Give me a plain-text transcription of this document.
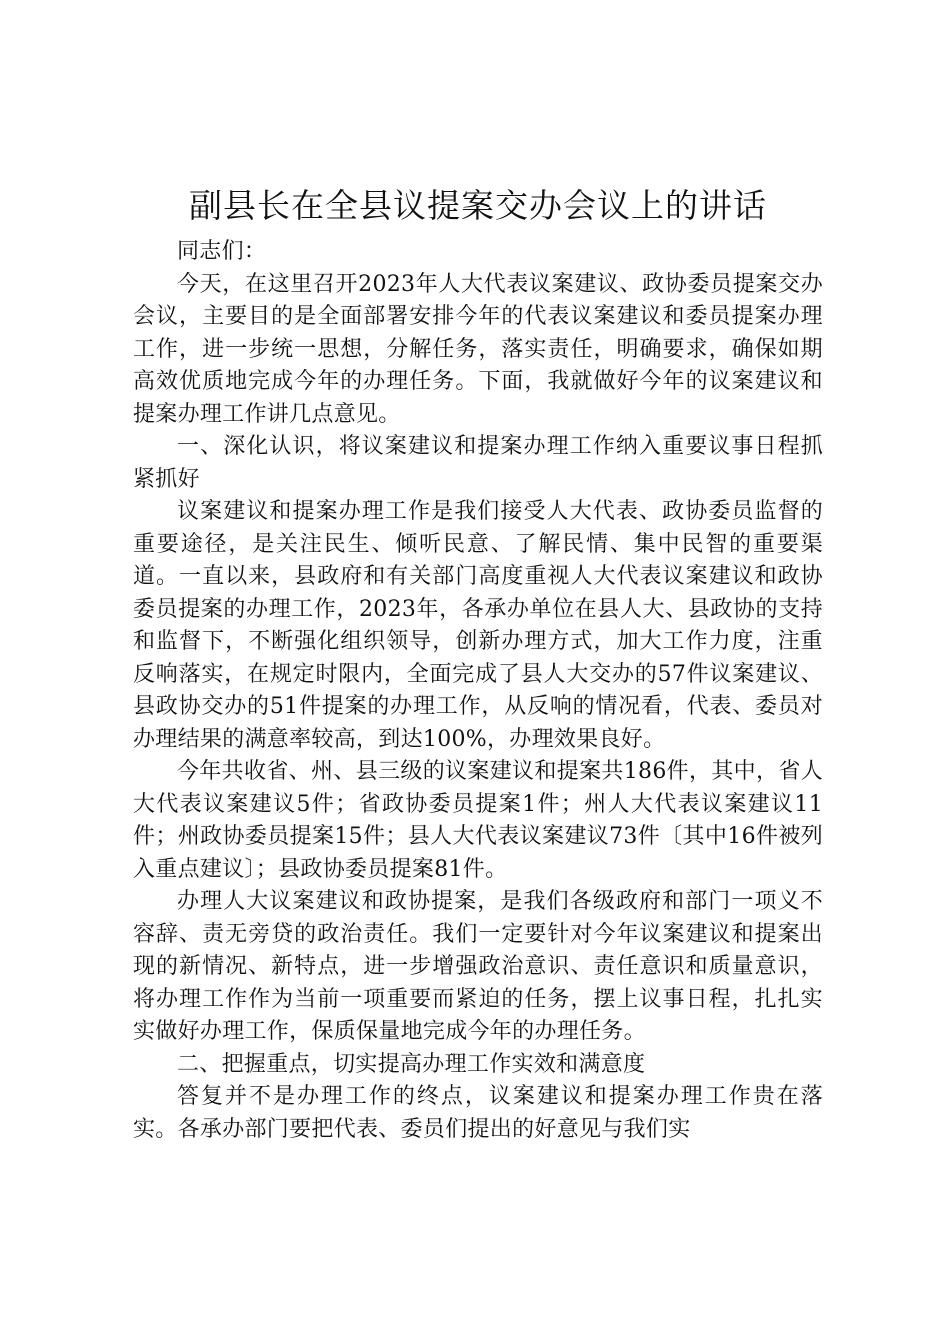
副县长在全县议提案交办会议上的讲话

同志们：

今天，在这里召开2023年人大代表议案建议、政协委员提案交办会议，主要目的是全面部署安排今年的代表议案建议和委员提案办理工作，进一步统一思想，分解任务，落实责任，明确要求，确保如期高效优质地完成今年的办理任务。下面，我就做好今年的议案建议和提案办理工作讲几点意见。

一、深化认识，将议案建议和提案办理工作纳入重要议事日程抓紧抓好

议案建议和提案办理工作是我们接受人大代表、政协委员监督的重要途径，是关注民生、倾听民意、了解民情、集中民智的重要渠道。一直以来，县政府和有关部门高度重视人大代表议案建议和政协委员提案的办理工作，2023年，各承办单位在县人大、县政协的支持和监督下，不断强化组织领导，创新办理方式，加大工作力度，注重反响落实，在规定时限内，全面完成了县人大交办的57件议案建议、县政协交办的51件提案的办理工作，从反响的情况看，代表、委员对办理结果的满意率较高，到达100%，办理效果良好。

今年共收省、州、县三级的议案建议和提案共186件，其中，省人大代表议案建议5件；省政协委员提案1件；州人大代表议案建议11件；州政协委员提案15件；县人大代表议案建议73件〔其中16件被列入重点建议〕；县政协委员提案81件。

办理人大议案建议和政协提案，是我们各级政府和部门一项义不容辞、责无旁贷的政治责任。我们一定要针对今年议案建议和提案出现的新情况、新特点，进一步增强政治意识、责任意识和质量意识，将办理工作作为当前一项重要而紧迫的任务，摆上议事日程，扎扎实实做好办理工作，保质保量地完成今年的办理任务。

二、把握重点，切实提高办理工作实效和满意度

答复并不是办理工作的终点，议案建议和提案办理工作贵在落实。各承办部门要把代表、委员们提出的好意见与我们实
